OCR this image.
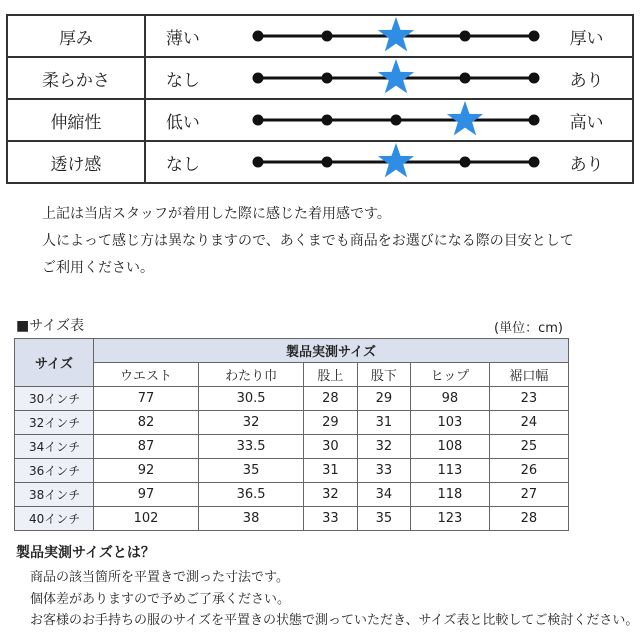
厚み	薄い		厚い
柔らかさ	なし		あり
伸縮性	低い		高い
透け感	なし		あり
上記は当店スタッフが着用した際に感じた着用感です。
人によって感じ方は異なりますので、あくまでも商品をお選びになる際の目安として
ご利用ください。
■サイズ表	(単位：cm)
サイズ	製品実測サイズ					
	ウエスト	わたり巾	股上	股下	ヒップ	裾口幅
30インチ	77	30.5	28	29	98	23
32インチ	82	32	29	31	103	24
34インチ	87	33.5	30	32	108	25
36インチ	92	35	31	33	113	26
38インチ	97	36.5	32	34	118	27
40インチ	102	38	33	35	123	28
製品実測サイズとは？
商品の該当箇所を平置きで測った寸法です。
個体差がありますので予めご了承ください。
お客様のお手持ちの服のサイズを平置きの状態で測っていただき、サイズ表と比較してご検討ください。
